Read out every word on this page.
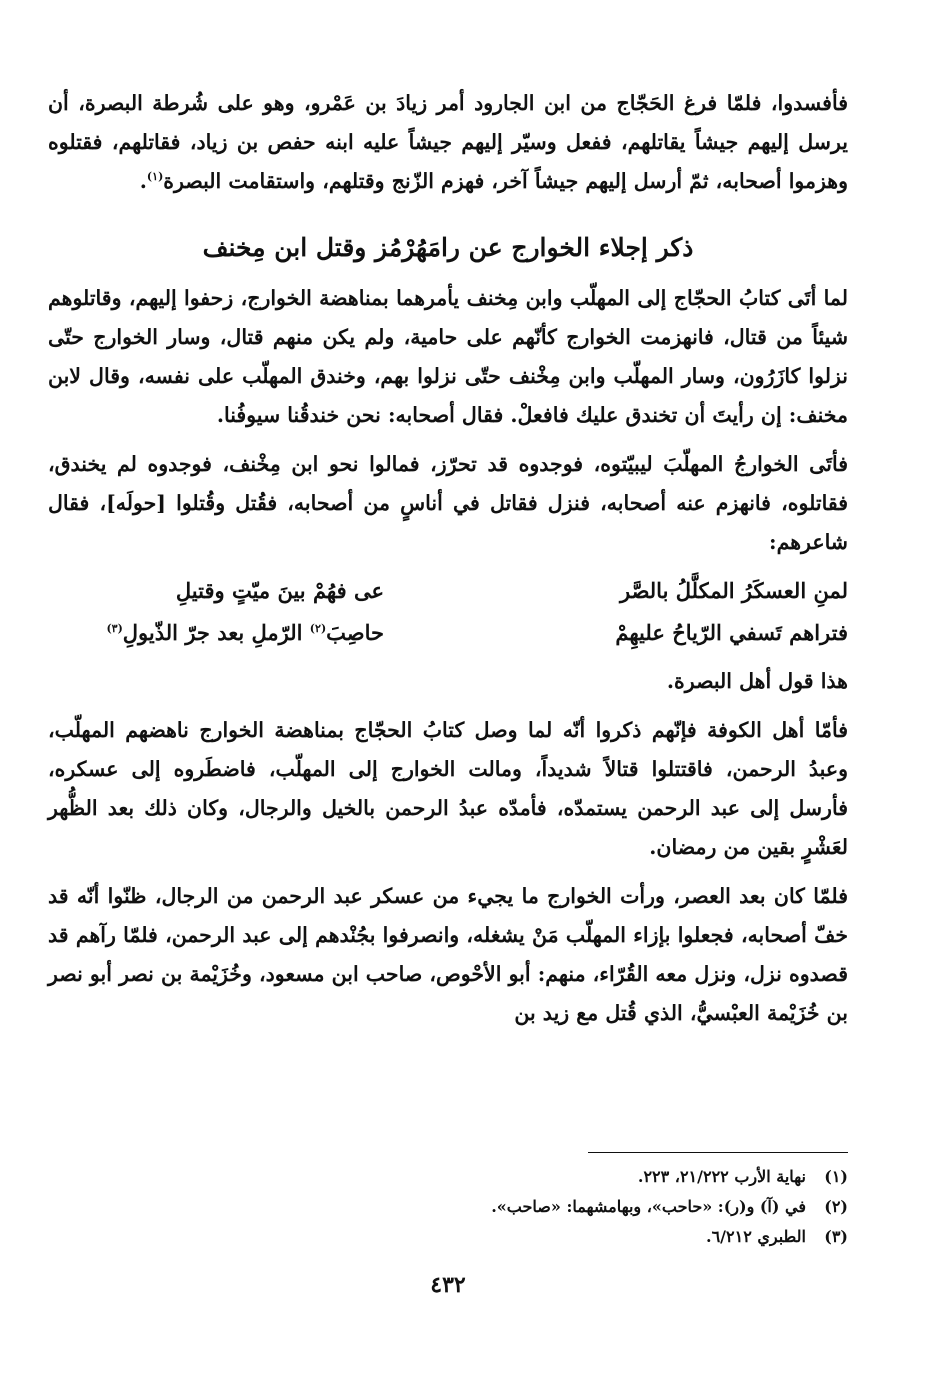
فأفسدوا، فلمّا فرغ الحَجّاج من ابن الجارود أمر زيادَ بن عَمْرو، وهو على شُرطة البصرة، أن يرسل إليهم جيشاً يقاتلهم، ففعل وسيّر إليهم جيشاً عليه ابنه حفص بن زياد، فقاتلهم، فقتلوه وهزموا أصحابه، ثمّ أرسل إليهم جيشاً آخر، فهزم الزّنج وقتلهم، واستقامت البصرة$^{(١)}$.

ذكر إجلاء الخوارج عن رامَهُرْمُز وقتل ابن مِخنف

لما أتَى كتابُ الحجّاج إلى المهلّب وابن مِخنف يأمرهما بمناهضة الخوارج، زحفوا إليهم، وقاتلوهم شيئاً من قتال، فانهزمت الخوارج كأنّهم على حامية، ولم يكن منهم قتال، وسار الخوارج حتّى نزلوا كازَرُون، وسار المهلّب وابن مِخْنف حتّى نزلوا بهم، وخندق المهلّب على نفسه، وقال لابن مخنف: إن رأيتَ أن تخندق عليك فافعلْ. فقال أصحابه: نحن خندقُنا سيوفُنا.

فأتَى الخوارجُ المهلّبَ ليبيّتوه، فوجدوه قد تحرّز، فمالوا نحو ابن مِخْنف، فوجدوه لم يخندق، فقاتلوه، فانهزم عنه أصحابه، فنزل فقاتل في أناسٍ من أصحابه، فقُتل وقُتلوا [حولَه]، فقال شاعرهم:

لمنِ العسكَرُ المكلَّلُ بالصَّر
عى فهُمْ بينَ ميّتٍ وقتيلِ
فتراهم تَسفي الرّياحُ عليهِمْ
حاصِبَ$^{(٢)}$ الرّملِ بعد جرّ الذّيولِ$^{(٣)}$
هذا قول أهل البصرة.

فأمّا أهل الكوفة فإنّهم ذكروا أنّه لما وصل كتابُ الحجّاج بمناهضة الخوارج ناهضهم المهلّب، وعبدُ الرحمن، فاقتتلوا قتالاً شديداً، ومالت الخوارج إلى المهلّب، فاضطَروه إلى عسكره، فأرسل إلى عبد الرحمن يستمدّه، فأمدّه عبدُ الرحمن بالخيل والرجال، وكان ذلك بعد الظُّهر لعَشْرٍ بقين من رمضان.

فلمّا كان بعد العصر، ورأت الخوارج ما يجيء من عسكر عبد الرحمن من الرجال، ظنّوا أنّه قد خفّ أصحابه، فجعلوا بإزاء المهلّب مَنْ يشغله، وانصرفوا بجُنْدهم إلى عبد الرحمن، فلمّا رآهم قد قصدوه نزل، ونزل معه القُرّاء، منهم: أبو الأحْوص، صاحب ابن مسعود، وخُزَيْمة بن نصر أبو نصر بن خُزَيْمة العبْسيُّ، الذي قُتل مع زيد بن

(١)
نهاية الأرب ٢١/٢٢٢، ٢٢٣.
(٢)
في (آ) و(ر): «حاحب»، وبهامشهما: «صاحب».
(٣)
الطبري ٦/٢١٢.
٤٣٢
